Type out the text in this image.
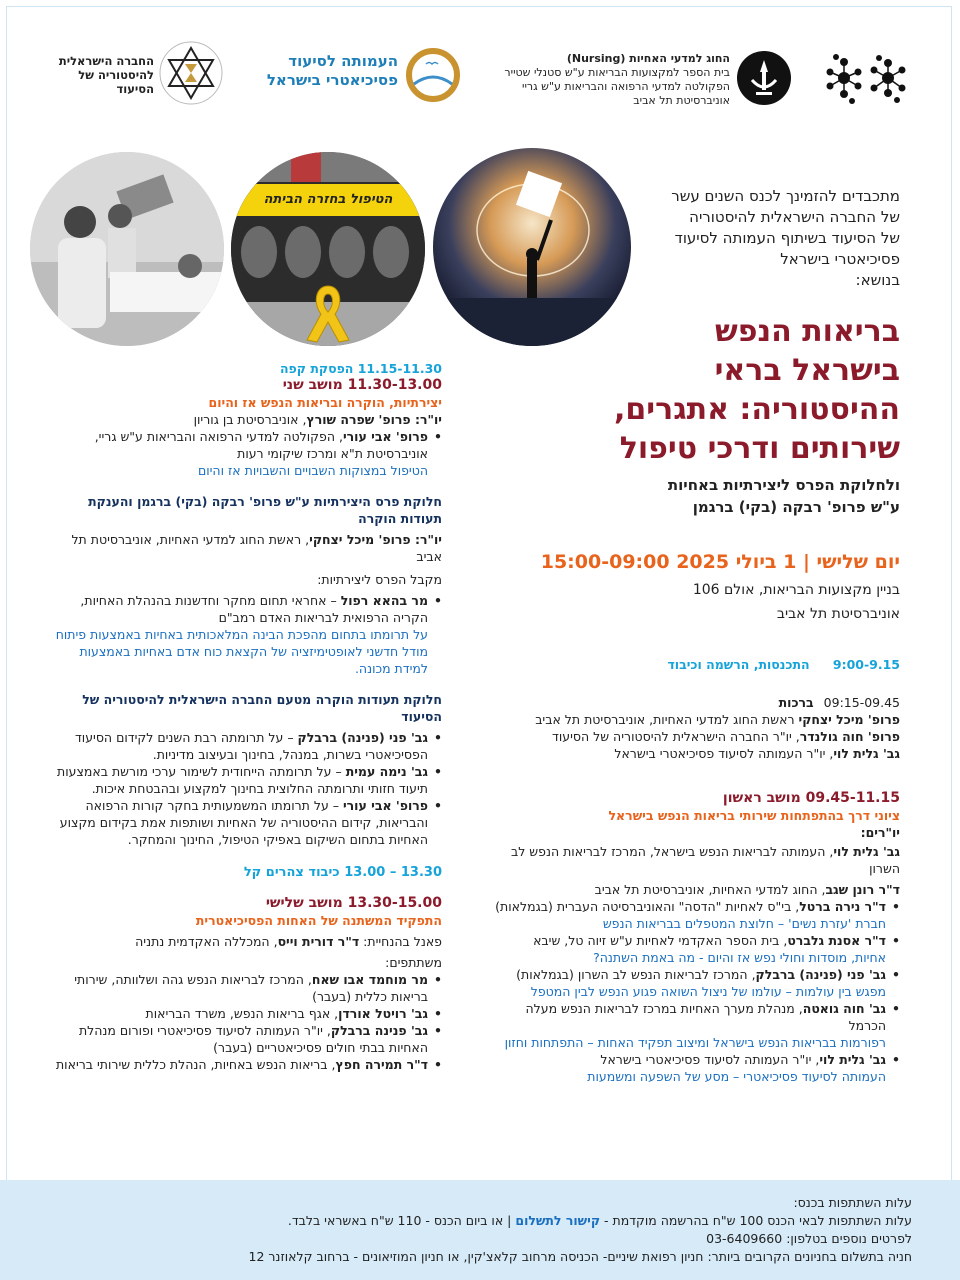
החוג למדעי האחיות (Nursing)
בית הספר למקצועות הבריאות ע"ש סטנלי שטייר
הפקולטה למדעי הרפואה והבריאות ע"ש גריי
אוניברסיטת תל אביב
העמותה לסיעוד
פסיכיאטרי בישראל
החברה הישראלית
להיסטוריה של
הסיעוד
הטיפול בחזרה הביתה	מתכבדים להזמינך לכנס השנים עשר
של החברה הישראלית להיסטוריה
של הסיעוד בשיתוף העמותה לסיעוד
פסיכיאטרי בישראל
בנושא:
בריאות הנפש
בישראל בראי
ההיסטוריה: אתגרים,
שירותים ודרכי טיפול
ולחלוקת הפרס ליצירתיות באחיות
ע"ש פרופ' רבקה (בקי) ברגמן
יום שלישי | 1 ביולי 2025 15:00-09:00
בניין מקצועות הבריאות, אולם 106
אוניברסיטת תל אביב
9:00-9.15 התכנסות, הרשמה וכיבוד
09:15-09.45 ברכות
פרופ' מיכל יצחקי ראשת החוג למדעי האחיות, אוניברסיטת תל אביב
פרופ' חוה גולנדר, יו"ר החברה הישראלית להיסטוריה של הסיעוד
גב' גלית לוי, יו"ר העמותה לסיעוד פסיכיאטרי בישראל
09.45-11.15 מושב ראשון
ציוני דרך בהתפתחות שירותי בריאות הנפש בישראל
יו"רים:
גב' גלית לוי, העמותה לבריאות הנפש בישראל, המרכז לבריאות הנפש לב השרון
ד"ר רונן שגב, החוג למדעי האחיות, אוניברסיטת תל אביב
• ד"ר נירה ברטל, בי"ס לאחיות "הדסה" והאוניברסיטה העברית (בגמלאות)
חברת 'עזרת נשים' – חלוצת המטפלים בבריאות הנפש
• ד"ר אסנת גלברט, בית הספר האקדמי לאחיות ע"ש זיוה טל, שיבא
אחיות, מוסדות וחולי נפש אז והיום - מה באמת השתנה?
• גב' פני (פנינה) ברבלק, המרכז לבריאות הנפש לב השרון (בגמלאות)
מפגש בין עולמות – עולמו של ניצול השואה פגוע הנפש לבין המטפל
• גב' חוה גואטה, מנהלת מערך האחיות במרכז לבריאות הנפש מעלה הכרמל
רפורמות בבריאות הנפש בישראל ומיצוב תפקיד האחות – התפתחות וחזון
• גב' גלית לוי, יו"ר העמותה לסיעוד פסיכיאטרי בישראל
העמותה לסיעוד פסיכיאטרי – מסע של השפעה ומשמעות
11.15-11.30 הפסקת קפה
11.30-13.00 מושב שני
יצירתיות, הוקרה ובריאות הנפש אז והיום
יו"ר: פרופ' שפרה שורץ, אוניברסיטת בן גוריון
• פרופ' אבי עורי, הפקולטה למדעי הרפואה והבריאות ע"ש גריי, אוניברסיטת ת"א ומרכז שיקומי רעות
הטיפול במצוקות השבויים והשבויות אז והיום
חלוקת פרס היצירתיות ע"ש פרופ' רבקה (בקי) ברגמן והענקת תעודות הוקרה
יו"ר: פרופ' מיכל יצחקי, ראשת החוג למדעי האחיות, אוניברסיטת תל אביב
מקבל הפרס ליצירתיות:
• מר בהאא רפול – אחראי תחום מחקר וחדשנות בהנהלת האחיות, הקריה הרפואית לבריאות האדם רמב"ם
על תרומתו בתחום מהפכת הבינה המלאכותית באחיות באמצעות פיתוח מודל חדשני לאופטימיזציה של הקצאת כוח אדם באחיות באמצעות למידת מכונה.
חלוקת תעודות הוקרה מטעם החברה הישראלית להיסטוריה של הסיעוד
• גב' פני (פנינה) ברבלק – על תרומתה רבת השנים לקידום הסיעוד הפסיכיאטרי בשרות, במנהל, בחינוך ובעיצוב מדיניות.
• גב' נימה עמית – על תרומתה הייחודית לשימור ערכי מורשת באמצעות תיעוד חזותי ותרומתה החלוצית בחינוך למקצוע ובהבטחת איכות.
• פרופ' אבי עורי – על תרומתו המשמעותית בחקר קורות הרפואה והבריאות, קידום ההיסטוריה של האחיות ושותפות אמת בקידום מקצוע האחיות בתחום השיקום באפיקי הטיפול, החינוך והמחקר.
13.30 – 13.00 כיבוד צהרים קל
13.30-15.00 מושב שלישי
התפקיד המשתנה של האחות הפסיכיאטרית
פאנל בהנחיית: ד"ר דורית וייס, המכללה האקדמית נתניה
משתתפים:
• מר מוחמד אבו שאח, המרכז לבריאות הנפש גהה ושלוותה, שירותי בריאות כללית (בעבר)
• גב' רויטל אורדן, אגף בריאות הנפש, משרד הבריאות
• גב' פנינה ברבלק, יו"ר העמותה לסיעוד פסיכיאטרי ופורום מנהלת האחיות בבתי חולים פסיכיאטריים (בעבר)
• ד"ר תמירה חפץ, בריאות הנפש באחיות, הנהלת כללית שירותי בריאות
עלות השתתפות בכנס:
עלות השתתפות לבאי הכנס 100 ש"ח בהרשמה מוקדמת - קישור לתשלום | או ביום הכנס - 110 ש"ח באשראי בלבד.
לפרטים נוספים בטלפון: 03-6409660
חניה בתשלום בחניונים הקרובים ביותר: חניון רפואת שיניים- הכניסה מרחוב קלאצ'קין, או חניון המוזיאונים - ברחוב קלאוזנר 12
